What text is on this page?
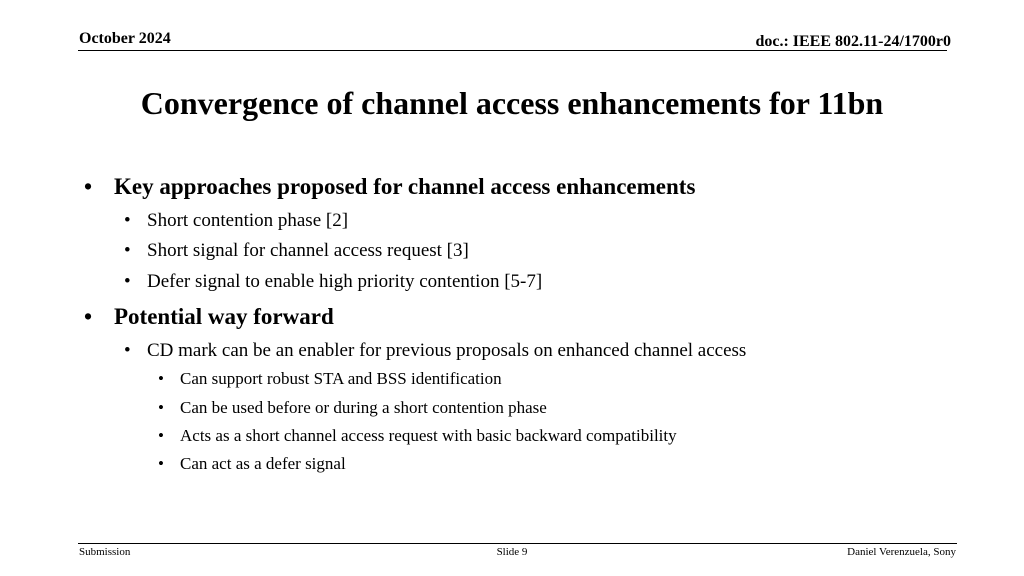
October 2024	doc.: IEEE 802.11-24/1700r0
Convergence of channel access enhancements for 11bn
• Key approaches proposed for channel access enhancements
• Short contention phase [2]
• Short signal for channel access request [3]
• Defer signal to enable high priority contention [5-7]
• Potential way forward
• CD mark can be an enabler for previous proposals on enhanced channel access
• Can support robust STA and BSS identification
• Can be used before or during a short contention phase
• Acts as a short channel access request with basic backward compatibility
• Can act as a defer signal
Submission	Slide 9	Daniel Verenzuela, Sony
